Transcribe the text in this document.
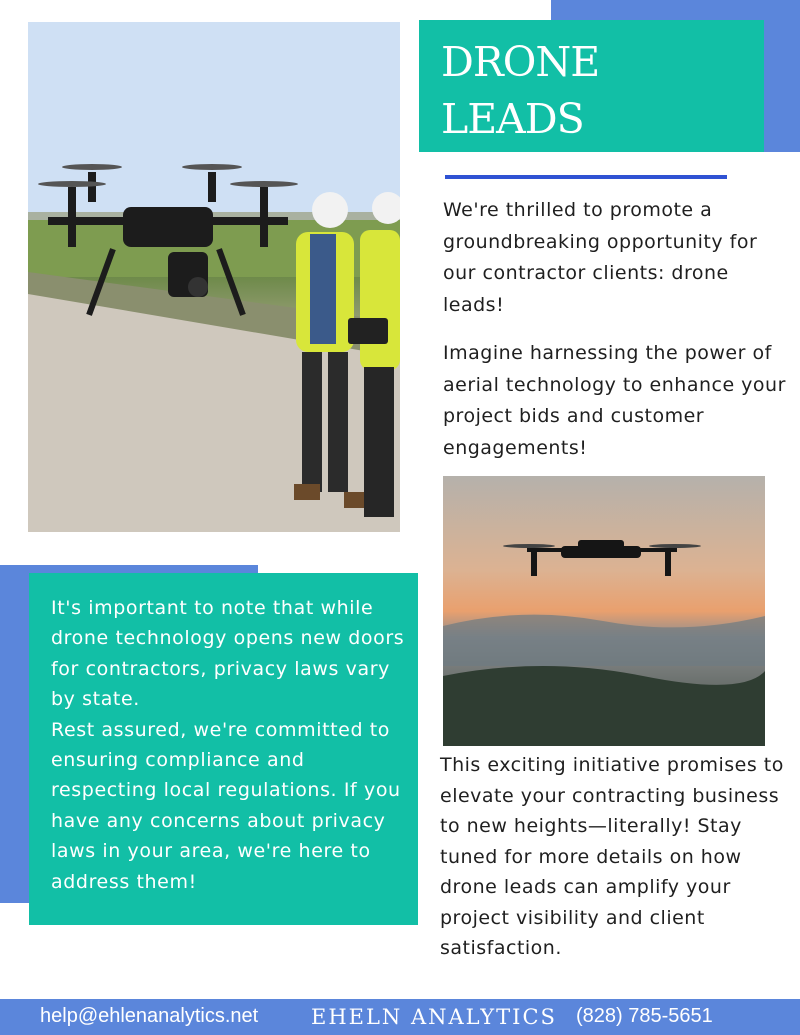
DRONE
LEADS

We're thrilled to promote a groundbreaking opportunity for our contractor clients: drone leads!

Imagine harnessing the power of aerial technology to enhance your project bids and customer engagements!

It's important to note that while drone technology opens new doors for contractors, privacy laws vary by state.
Rest assured, we're committed to ensuring compliance and respecting local regulations. If you have any concerns about privacy laws in your area, we're here to address them!

This exciting initiative promises to elevate your contracting business to new heights—literally! Stay tuned for more details on how drone leads can amplify your project visibility and client satisfaction.

help@ehlenanalytics.net	EHELN ANALYTICS (828) 785-5651
